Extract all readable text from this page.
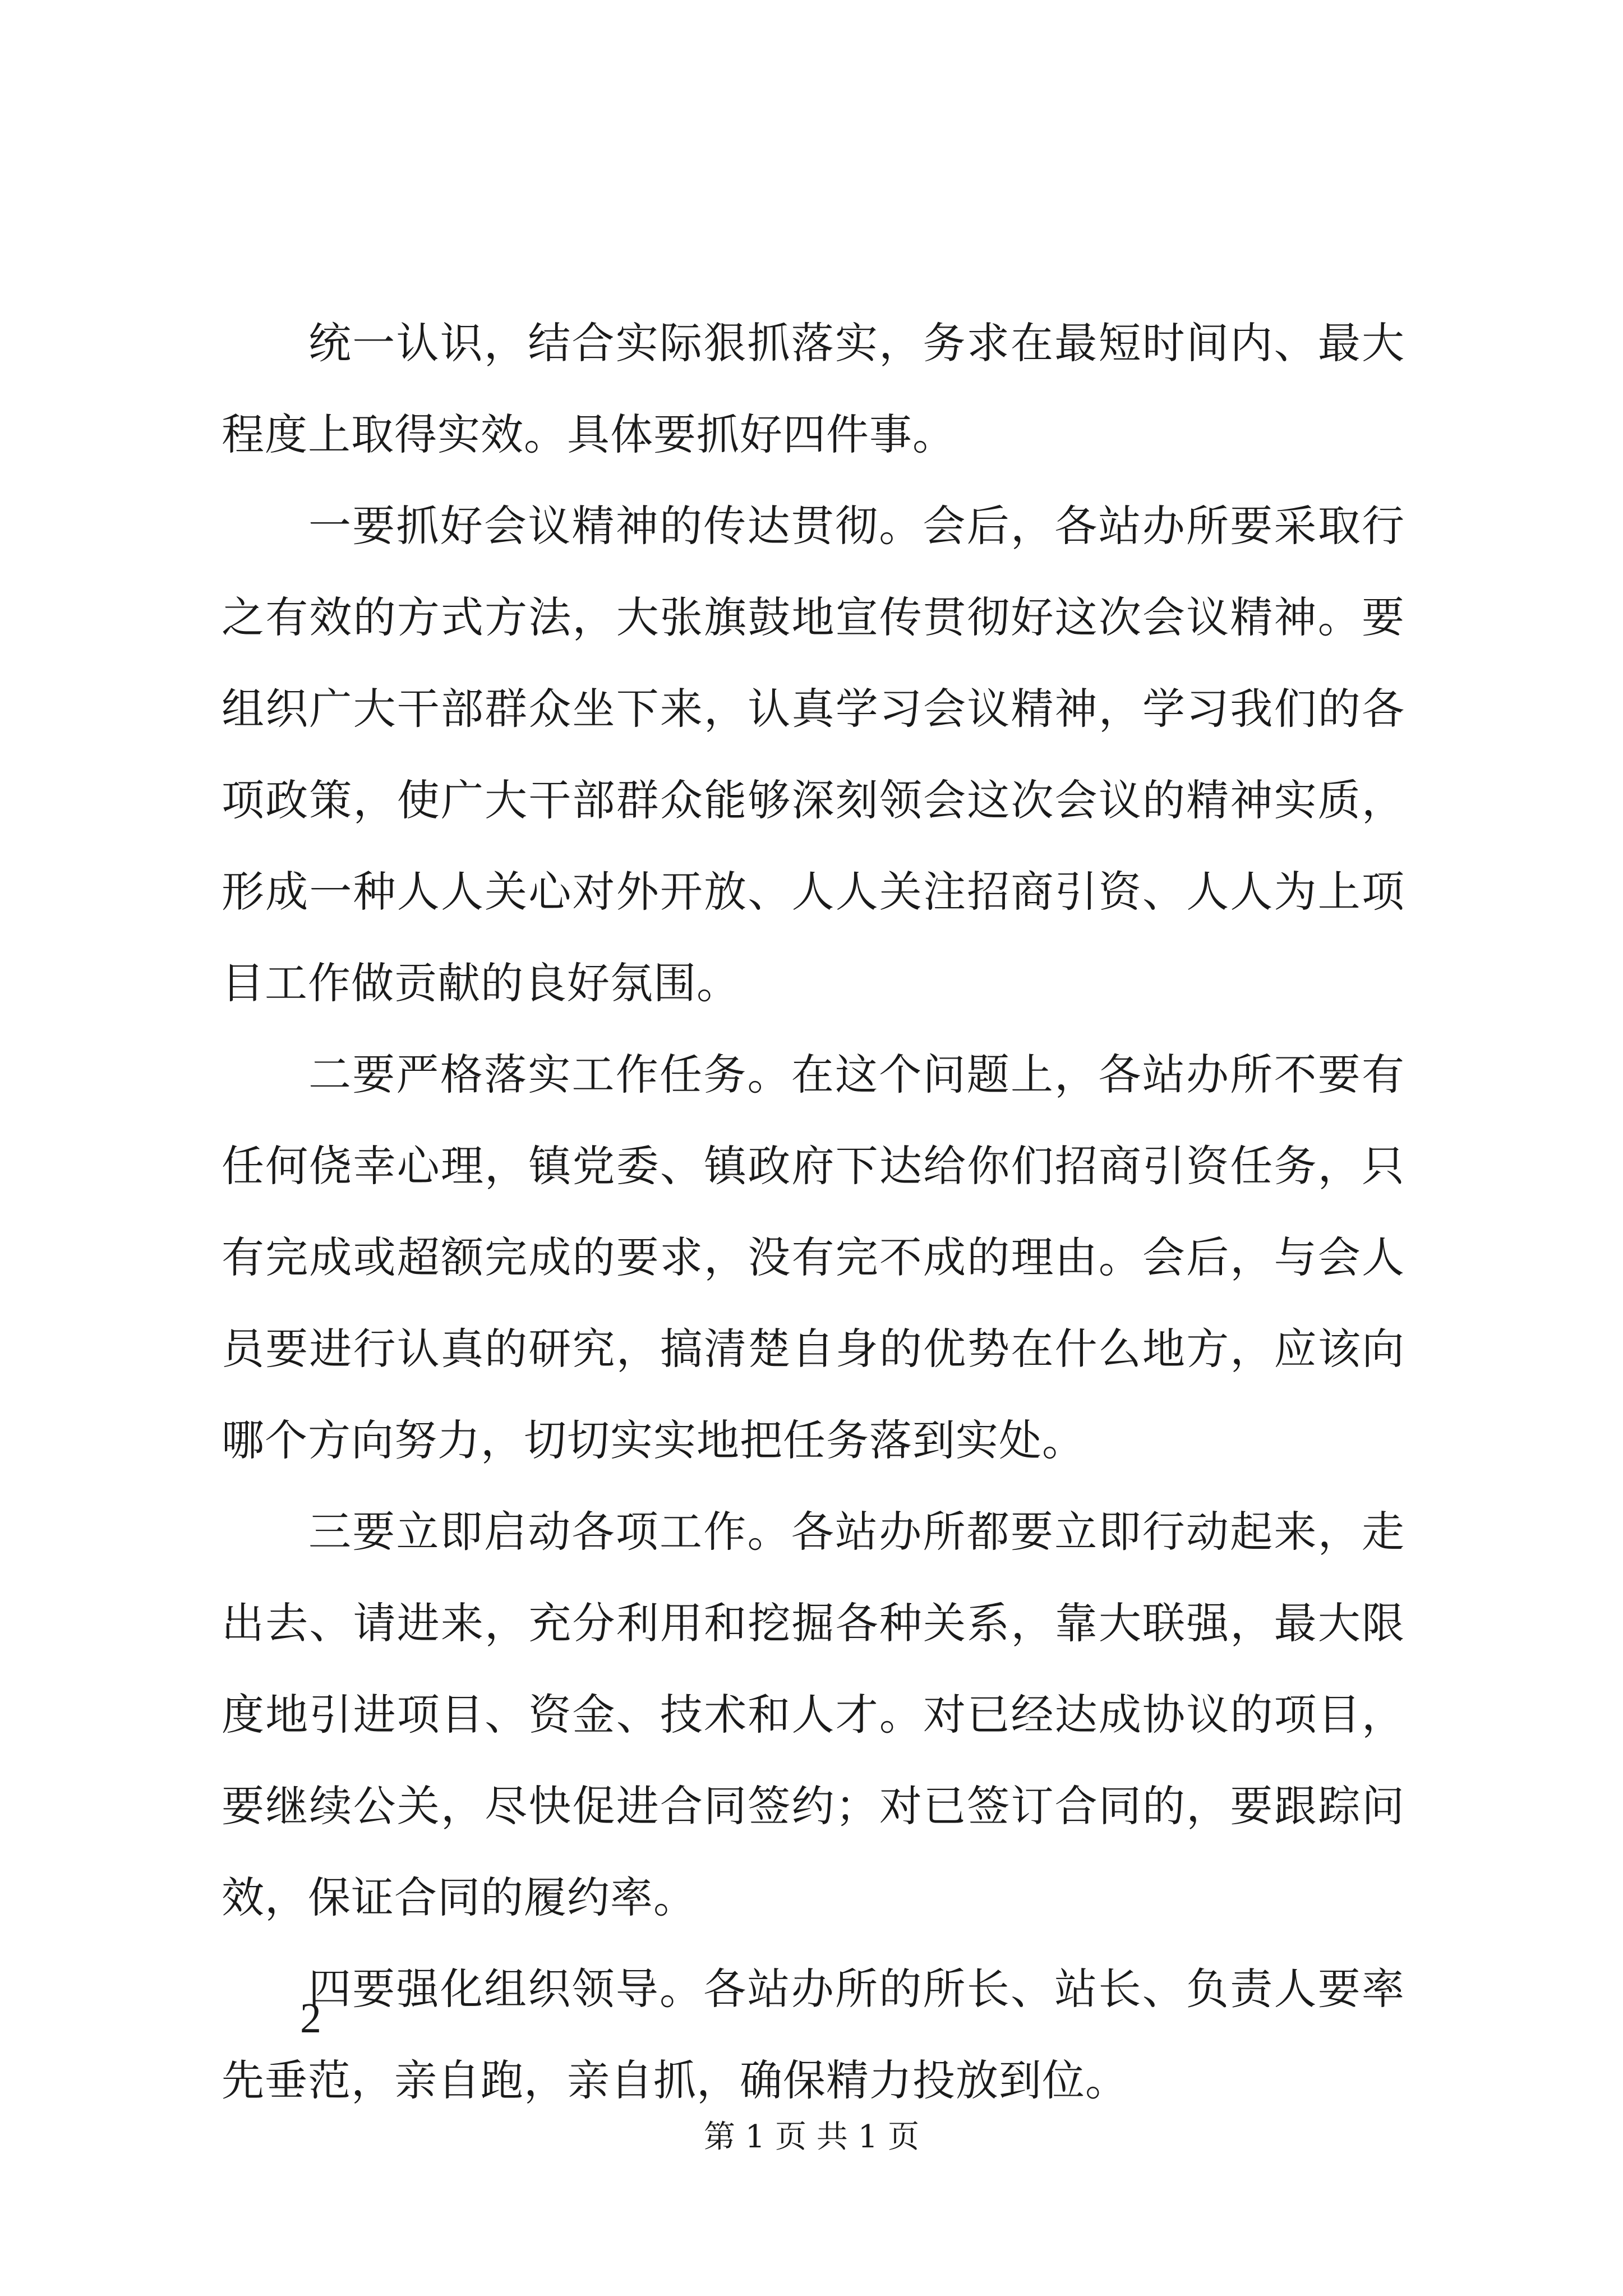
统一认识，结合实际狠抓落实，务求在最短时间内、最大程度上取得实效。具体要抓好四件事。

一要抓好会议精神的传达贯彻。会后，各站办所要采取行之有效的方式方法，大张旗鼓地宣传贯彻好这次会议精神。要组织广大干部群众坐下来，认真学习会议精神，学习我们的各项政策，使广大干部群众能够深刻领会这次会议的精神实质，形成一种人人关心对外开放、人人关注招商引资、人人为上项目工作做贡献的良好氛围。

二要严格落实工作任务。在这个问题上，各站办所不要有任何侥幸心理，镇党委、镇政府下达给你们招商引资任务，只有完成或超额完成的要求，没有完不成的理由。会后，与会人员要进行认真的研究，搞清楚自身的优势在什么地方，应该向哪个方向努力，切切实实地把任务落到实处。

三要立即启动各项工作。各站办所都要立即行动起来，走出去、请进来，充分利用和挖掘各种关系，靠大联强，最大限度地引进项目、资金、技术和人才。对已经达成协议的项目，要继续公关，尽快促进合同签约；对已签订合同的，要跟踪问效，保证合同的履约率。

四要强化组织领导。各站办所的所长、站长、负责人要率先垂范，亲自跑，亲自抓，确保精力投放到位。

2
第 1 页 共 1 页
